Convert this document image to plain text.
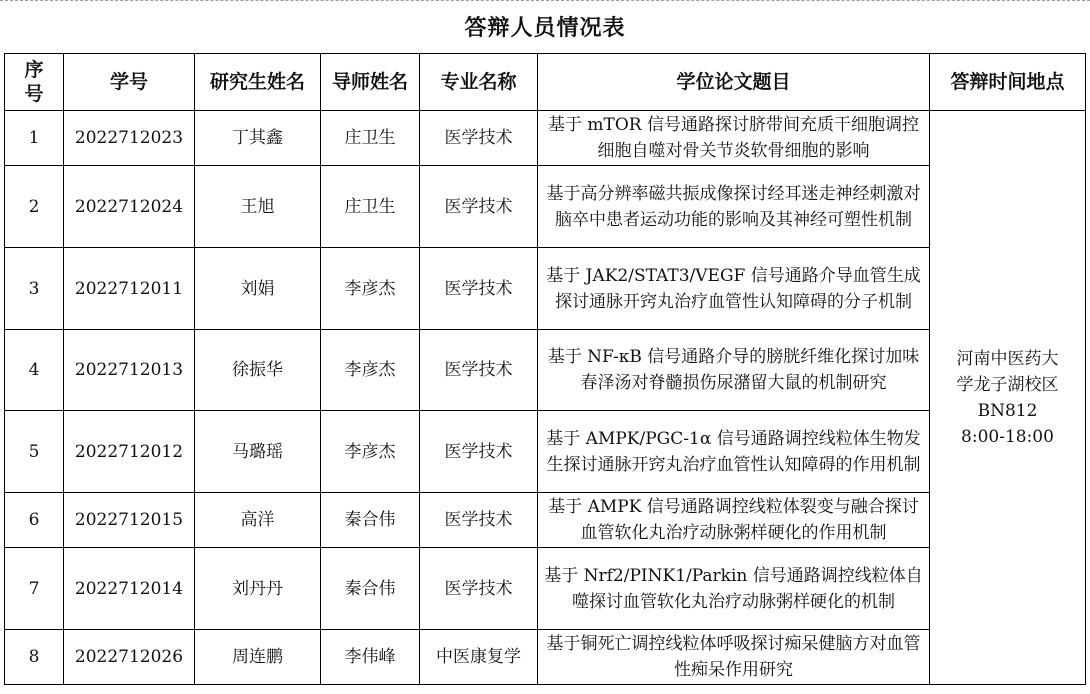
答辩人员情况表
序号	学号	研究生姓名	导师姓名	专业名称	学位论文题目	答辩时间地点
1	2022712023	丁其鑫	庄卫生	医学技术	基于 mTOR 信号通路探讨脐带间充质干细胞调控细胞自噬对骨关节炎软骨细胞的影响	河南中医药大
学龙子湖校区
BN812
8:00-18:00

2	2022712024	王旭	庄卫生	医学技术	基于高分辨率磁共振成像探讨经耳迷走神经刺激对脑卒中患者运动功能的影响及其神经可塑性机制	
3	2022712011	刘娟	李彦杰	医学技术	基于 JAK2/STAT3/VEGF 信号通路介导血管生成探讨通脉开窍丸治疗血管性认知障碍的分子机制	
4	2022712013	徐振华	李彦杰	医学技术	基于 NF-κB 信号通路介导的膀胱纤维化探讨加味春泽汤对脊髓损伤尿潴留大鼠的机制研究	
5	2022712012	马璐瑶	李彦杰	医学技术	基于 AMPK/PGC-1α 信号通路调控线粒体生物发生探讨通脉开窍丸治疗血管性认知障碍的作用机制	
6	2022712015	高洋	秦合伟	医学技术	基于 AMPK 信号通路调控线粒体裂变与融合探讨血管软化丸治疗动脉粥样硬化的作用机制	
7	2022712014	刘丹丹	秦合伟	医学技术	基于 Nrf2/PINK1/Parkin 信号通路调控线粒体自噬探讨血管软化丸治疗动脉粥样硬化的机制	
8	2022712026	周连鹏	李伟峰	中医康复学	基于铜死亡调控线粒体呼吸探讨痴呆健脑方对血管性痴呆作用研究	
